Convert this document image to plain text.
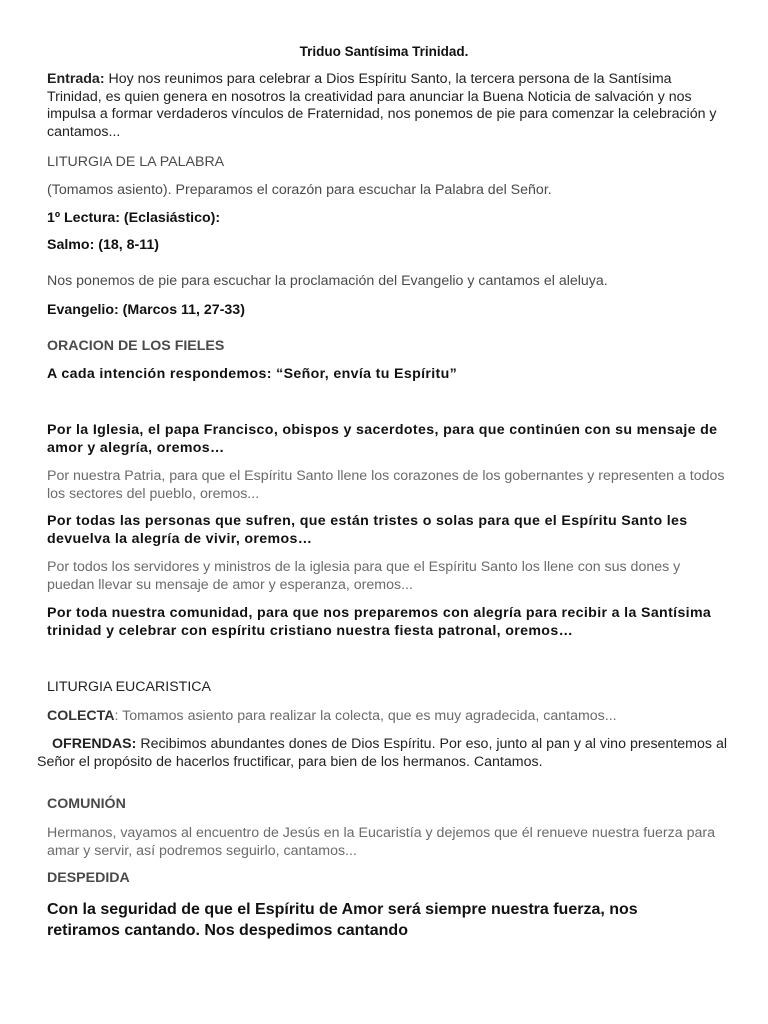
Triduo Santísima Trinidad.

Entrada: Hoy nos reunimos para celebrar a Dios Espíritu Santo, la tercera persona de la Santísima Trinidad, es quien genera en nosotros la creatividad para anunciar la Buena Noticia de salvación y nos impulsa a formar verdaderos vínculos de Fraternidad, nos ponemos de pie para comenzar la celebración y cantamos...

LITURGIA DE LA PALABRA

(Tomamos asiento). Preparamos el corazón para escuchar la Palabra del Señor.

1º Lectura: (Eclasiástico):

Salmo: (18, 8-11)

Nos ponemos de pie para escuchar la proclamación del Evangelio y cantamos el aleluya.

Evangelio: (Marcos 11, 27-33)

ORACION DE LOS FIELES

A cada intención respondemos: “Señor, envía tu Espíritu”

Por la Iglesia, el papa Francisco, obispos y sacerdotes, para que continúen con su mensaje de amor y alegría, oremos…

Por nuestra Patria, para que el Espíritu Santo llene los corazones de los gobernantes y representen a todos los sectores del pueblo, oremos...

Por todas las personas que sufren, que están tristes o solas para que el Espíritu Santo les devuelva la alegría de vivir, oremos…

Por todos los servidores y ministros de la iglesia para que el Espíritu Santo los llene con sus dones y puedan llevar su mensaje de amor y esperanza, oremos...

Por toda nuestra comunidad, para que nos preparemos con alegría para recibir a la Santísima trinidad y celebrar con espíritu cristiano nuestra fiesta patronal, oremos…

LITURGIA EUCARISTICA

COLECTA: Tomamos asiento para realizar la colecta, que es muy agradecida, cantamos...

OFRENDAS: Recibimos abundantes dones de Dios Espíritu. Por eso, junto al pan y al vino presentemos al Señor el propósito de hacerlos fructificar, para bien de los hermanos. Cantamos.

COMUNIÓN

Hermanos, vayamos al encuentro de Jesús en la Eucaristía y dejemos que él renueve nuestra fuerza para amar y servir, así podremos seguirlo, cantamos...

DESPEDIDA

Con la seguridad de que el Espíritu de Amor será siempre nuestra fuerza, nos retiramos cantando. Nos despedimos cantando
